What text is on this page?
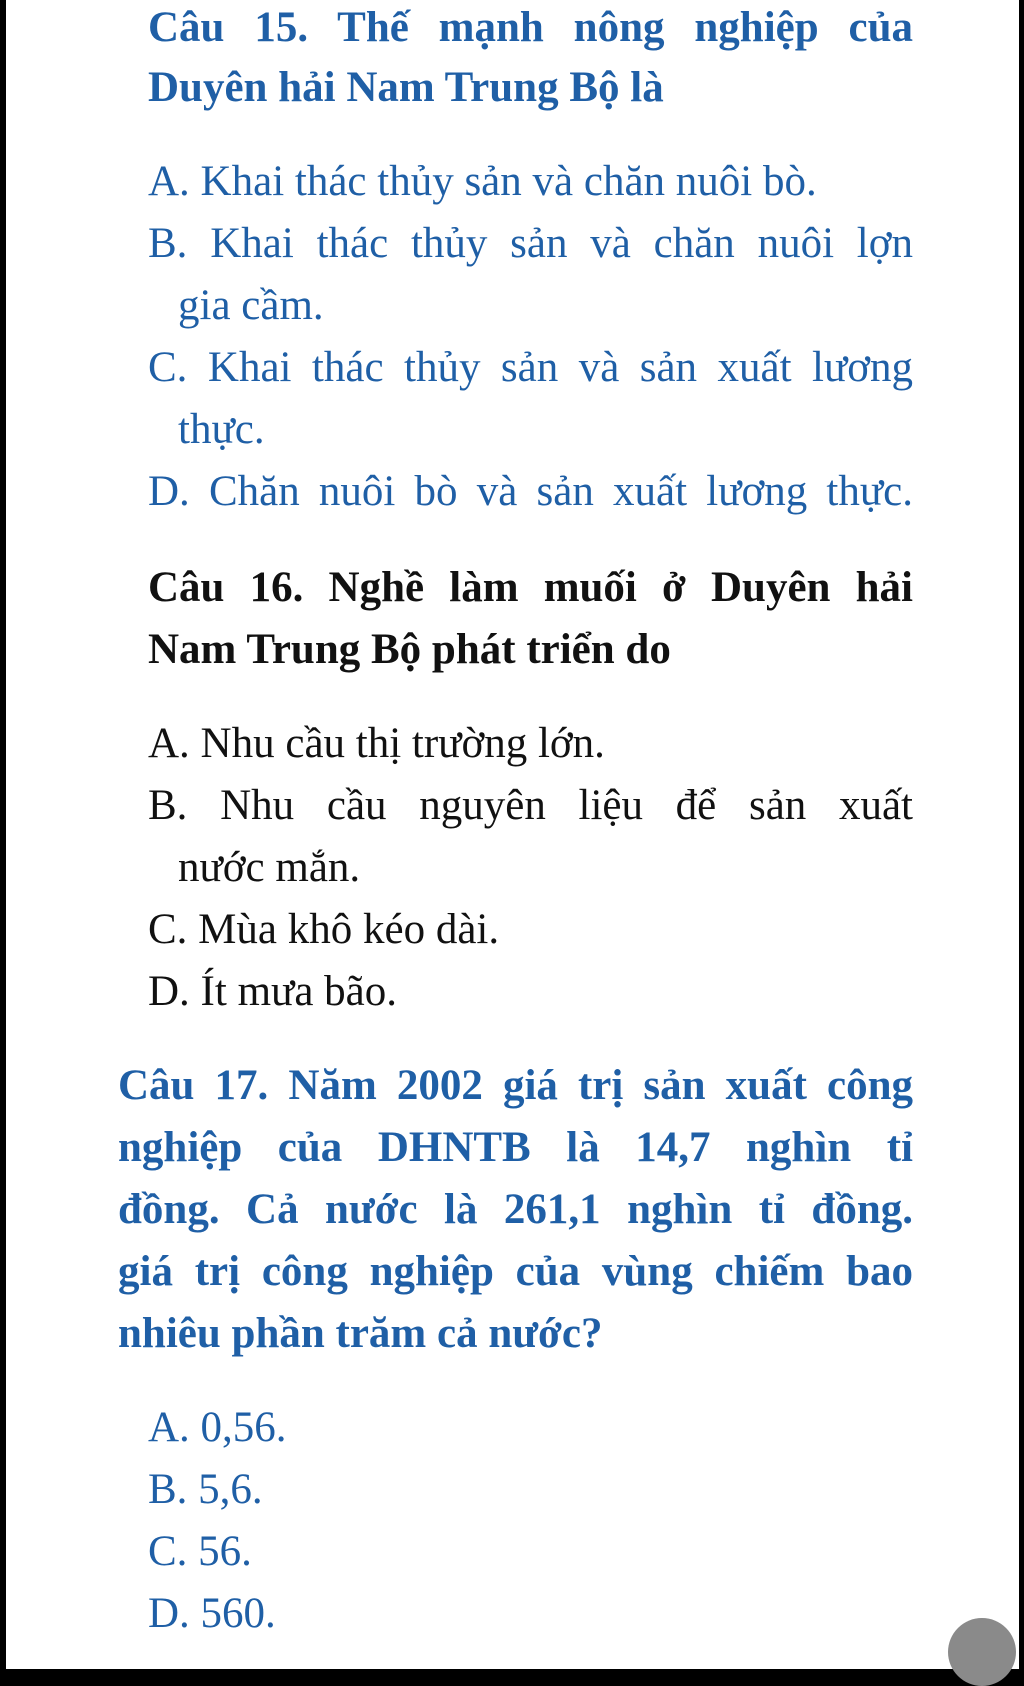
Câu 15. Thế mạnh nông nghiệp của

Duyên hải Nam Trung Bộ là

A. Khai thác thủy sản và chăn nuôi bò.

B. Khai thác thủy sản và chăn nuôi lợn

gia cầm.

C. Khai thác thủy sản và sản xuất lương

thực.

D. Chăn nuôi bò và sản xuất lương thực.

Câu 16. Nghề làm muối ở Duyên hải

Nam Trung Bộ phát triển do

A. Nhu cầu thị trường lớn.

B. Nhu cầu nguyên liệu để sản xuất

nước mắn.

C. Mùa khô kéo dài.

D. Ít mưa bão.

Câu 17. Năm 2002 giá trị sản xuất công

nghiệp của DHNTB là 14,7 nghìn tỉ

đồng. Cả nước là 261,1 nghìn tỉ đồng.

giá trị công nghiệp của vùng chiếm bao

nhiêu phần trăm cả nước?

A. 0,56.

B. 5,6.

C. 56.

D. 560.
